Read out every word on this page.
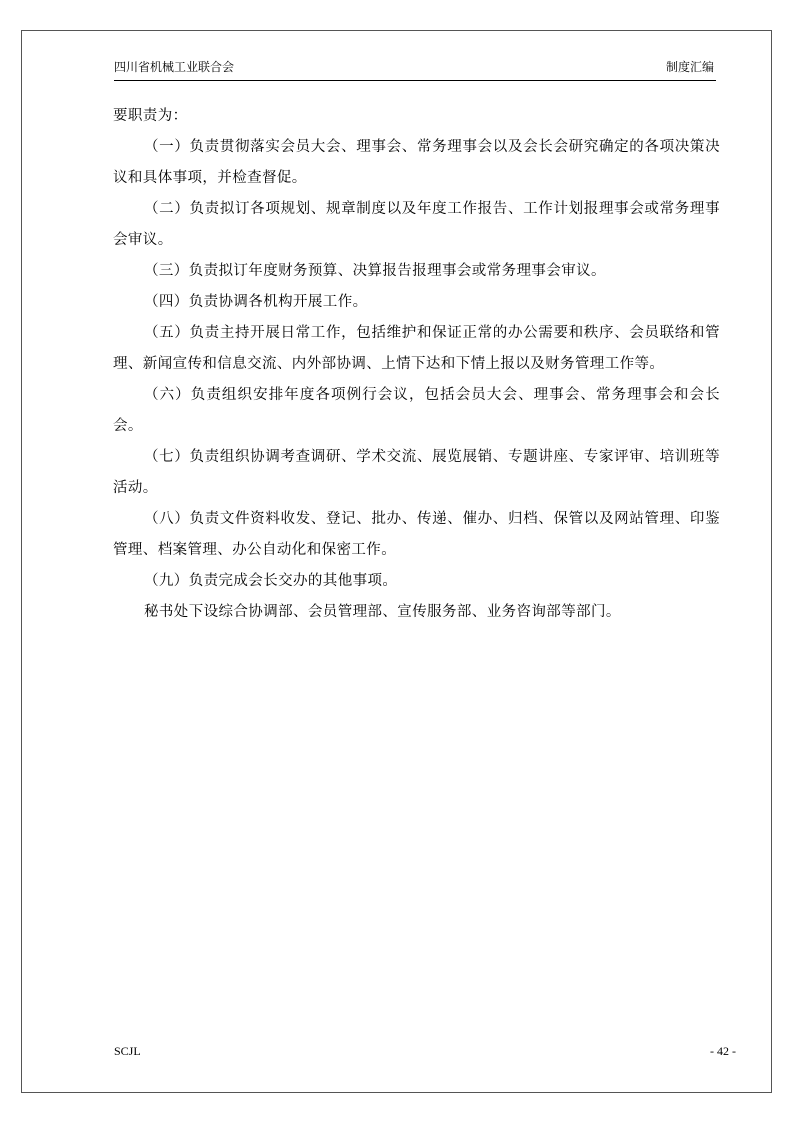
四川省机械工业联合会	制度汇编

要职责为：

（一）负责贯彻落实会员大会、理事会、常务理事会以及会长会研究确定的各项决策决议和具体事项，并检查督促。

（二）负责拟订各项规划、规章制度以及年度工作报告、工作计划报理事会或常务理事会审议。

（三）负责拟订年度财务预算、决算报告报理事会或常务理事会审议。

（四）负责协调各机构开展工作。

（五）负责主持开展日常工作，包括维护和保证正常的办公需要和秩序、会员联络和管理、新闻宣传和信息交流、内外部协调、上情下达和下情上报以及财务管理工作等。

（六）负责组织安排年度各项例行会议，包括会员大会、理事会、常务理事会和会长会。

（七）负责组织协调考查调研、学术交流、展览展销、专题讲座、专家评审、培训班等活动。

（八）负责文件资料收发、登记、批办、传递、催办、归档、保管以及网站管理、印鉴管理、档案管理、办公自动化和保密工作。

（九）负责完成会长交办的其他事项。

秘书处下设综合协调部、会员管理部、宣传服务部、业务咨询部等部门。

SCJL	- 42 -
